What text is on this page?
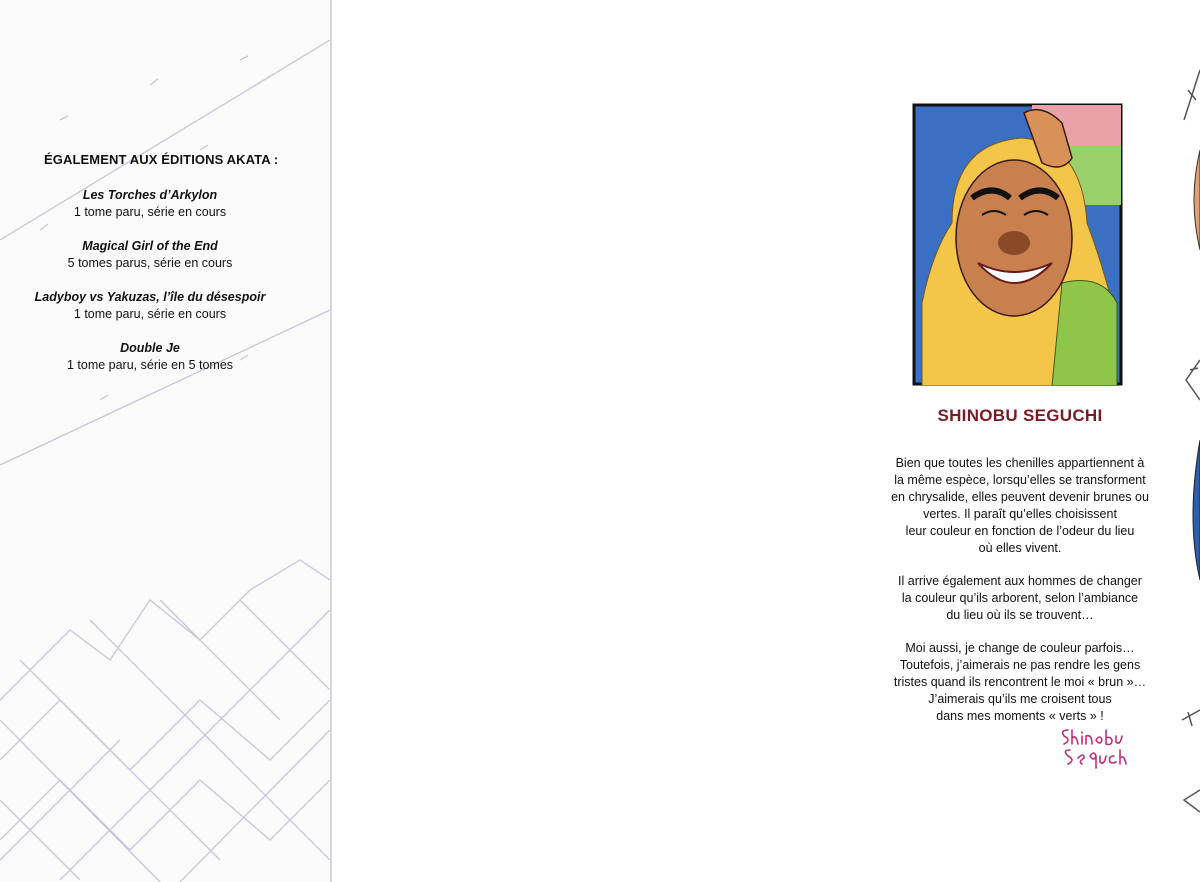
ÉGALEMENT AUX ÉDITIONS AKATA :
Les Torches d’Arkylon
1 tome paru, série en cours
Magical Girl of the End
5 tomes parus, série en cours
Ladyboy vs Yakuzas, l’île du désespoir
1 tome paru, série en cours
Double Je
1 tome paru, série en 5 tomes
SHINOBU SEGUCHI

Bien que toutes les chenilles appartiennent à
la même espèce, lorsqu’elles se transforment
en chrysalide, elles peuvent devenir brunes ou
vertes. Il paraît qu’elles choisissent
leur couleur en fonction de l’odeur du lieu
où elles vivent.

Il arrive également aux hommes de changer
la couleur qu’ils arborent, selon l’ambiance
du lieu où ils se trouvent…

Moi aussi, je change de couleur parfois…
Toutefois, j’aimerais ne pas rendre les gens
tristes quand ils rencontrent le moi « brun »…
J’aimerais qu’ils me croisent tous
dans mes moments « verts » !
